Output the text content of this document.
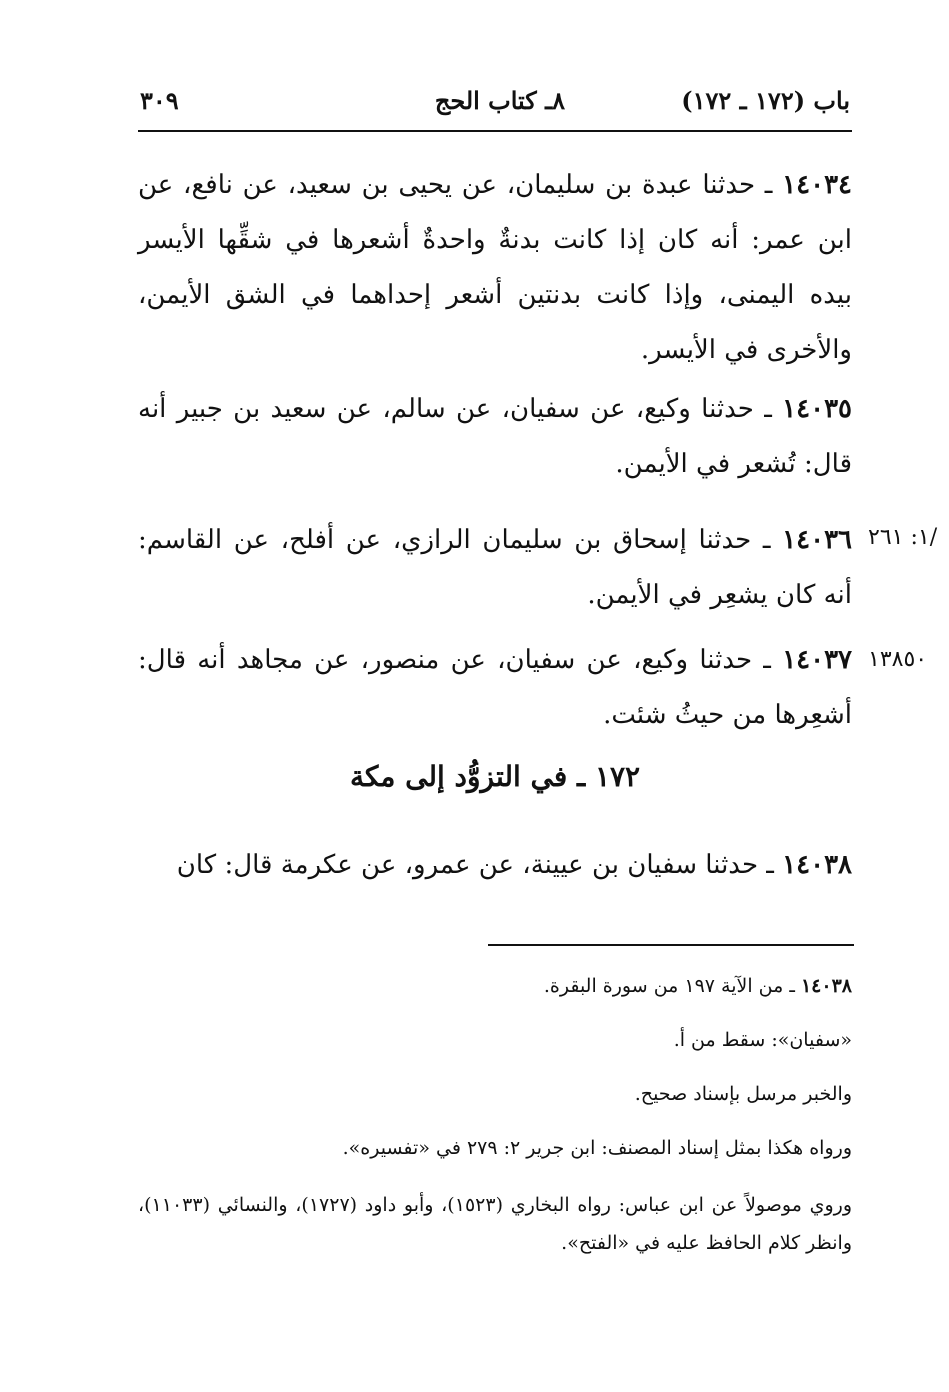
باب (١٧٢ ـ ١٧٢)
٨ـ كتاب الحج
٣٠٩
١٤٠٣٤ ـ حدثنا عبدة بن سليمان، عن يحيى بن سعيد، عن نافع، عن ابن عمر: أنه كان إذا كانت بدنةٌ واحدةٌ أشعرها في شقِّها الأيسر بيده اليمنى، وإذا كانت بدنتين أشعر إحداهما في الشق الأيمن، والأخرى في الأيسر.
١٤٠٣٥ ـ حدثنا وكيع، عن سفيان، عن سالم، عن سعيد بن جبير أنه قال: تُشعر في الأيمن.
/١: ٢٦١
١٤٠٣٦ ـ حدثنا إسحاق بن سليمان الرازي، عن أفلح، عن القاسم: أنه كان يشعِر في الأيمن.
١٣٨٥٠
١٤٠٣٧ ـ حدثنا وكيع، عن سفيان، عن منصور، عن مجاهد أنه قال: أشعِرها من حيثُ شئت.
١٧٢ ـ في التزوُّد إلى مكة
١٤٠٣٨ ـ حدثنا سفيان بن عيينة، عن عمرو، عن عكرمة قال: كان
١٤٠٣٨ ـ من الآية ١٩٧ من سورة البقرة.
«سفيان»: سقط من أ.
والخبر مرسل بإسناد صحيح.
ورواه هكذا بمثل إسناد المصنف: ابن جرير ٢: ٢٧٩ في «تفسيره».
وروي موصولاً عن ابن عباس: رواه البخاري (١٥٢٣)، وأبو داود (١٧٢٧)، والنسائي (١١٠٣٣)، وانظر كلام الحافظ عليه في «الفتح».
